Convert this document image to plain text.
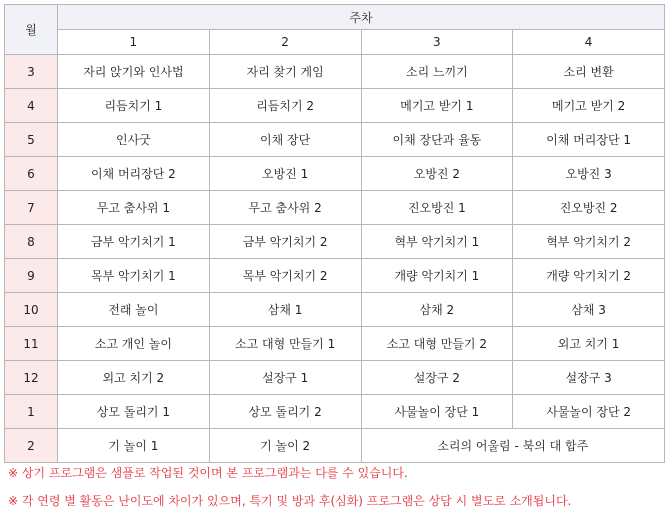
월	주차			
	1	2	3	4
3	자리 앉기와 인사법	자리 찾기 게임	소리 느끼기	소리 변환
4	리듬치기 1	리듬치기 2	메기고 받기 1	메기고 받기 2
5	인사굿	이채 장단	이채 장단과 율동	이채 머리장단 1
6	이채 머리장단 2	오방진 1	오방진 2	오방진 3
7	무고 춤사위 1	무고 춤사위 2	진오방진 1	진오방진 2
8	금부 악기치기 1	금부 악기치기 2	혁부 악기치기 1	혁부 악기치기 2
9	목부 악기치기 1	목부 악기치기 2	개량 악기치기 1	개량 악기치기 2
10	전래 놀이	삼채 1	삼채 2	삼채 3
11	소고 개인 놀이	소고 대형 만들기 1	소고 대형 만들기 2	외고 치기 1
12	외고 치기 2	설장구 1	설장구 2	설장구 3
1	상모 돌리기 1	상모 돌리기 2	사물놀이 장단 1	사물놀이 장단 2
2	기 놀이 1	기 놀이 2	소리의 어울림 - 북의 대 합주	

※ 상기 프로그램은 샘플로 작업된 것이며 본 프로그램과는 다를 수 있습니다.

※ 각 연령 별 활동은 난이도에 차이가 있으며, 특기 및 방과 후(심화) 프로그램은 상담 시 별도로 소개됩니다.
